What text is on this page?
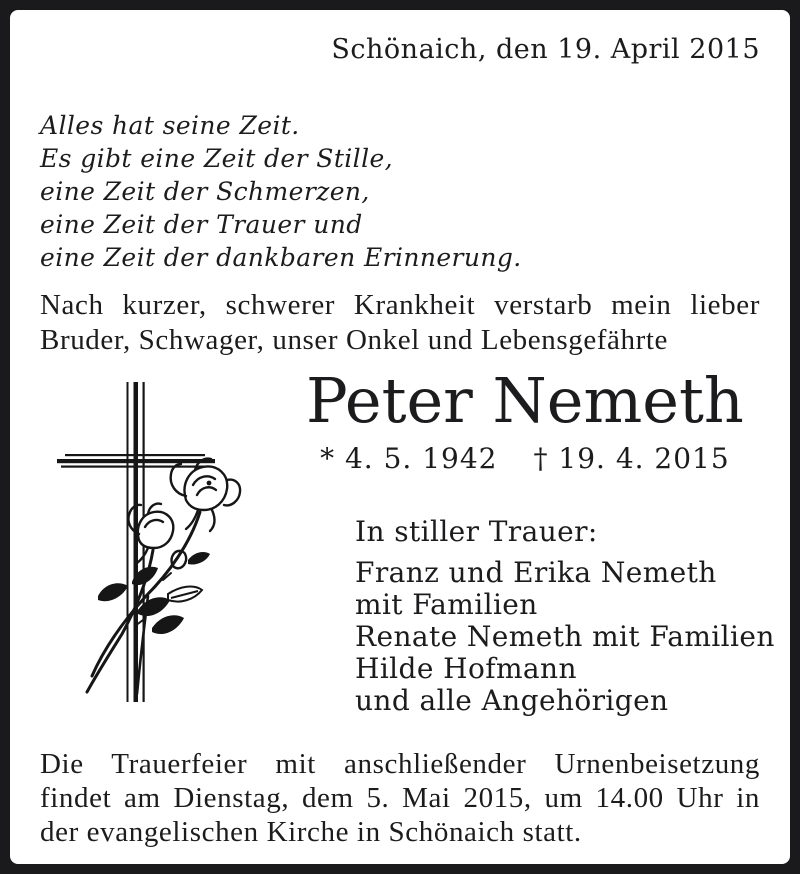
Schönaich, den 19. April 2015
Alles hat seine Zeit.
Es gibt eine Zeit der Stille,
eine Zeit der Schmerzen,
eine Zeit der Trauer und
eine Zeit der dankbaren Erinnerung.
Nach kurzer, schwerer Krankheit verstarb mein lieber
Bruder, Schwager, unser Onkel und Lebensgefährte
Peter Nemeth
* 4. 5. 1942 † 19. 4. 2015
In stiller Trauer:
Franz und Erika Nemeth
mit Familien
Renate Nemeth mit Familien
Hilde Hofmann
und alle Angehörigen
Die Trauerfeier mit anschließender Urnenbeisetzung
findet am Dienstag, dem 5. Mai 2015, um 14.00 Uhr in
der evangelischen Kirche in Schönaich statt.
